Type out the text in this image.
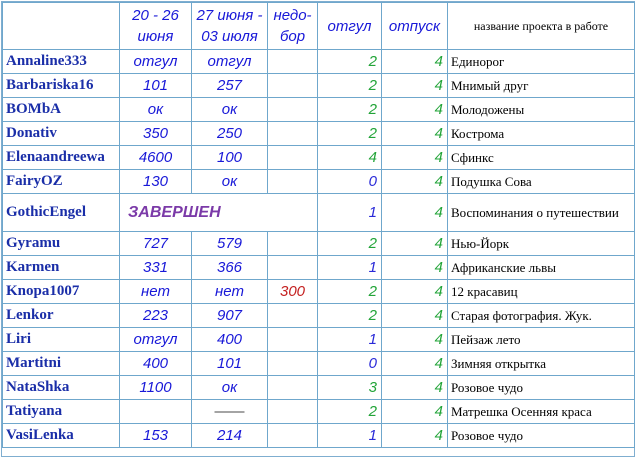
	20 - 26 июня	27 июня - 03 июля	недо- бор	отгул	отпуск	название проекта в работе
Annaline333	отгул	отгул		2	4	Единорог
Barbariska16	101	257		2	4	Мнимый друг
BOMbA	ок	ок		2	4	Молодожены
Donativ	350	250		2	4	Кострома
Elenaandreewa	4600	100		4	4	Сфинкс
FairyOZ	130	ок		0	4	Подушка Сова
GothicEngel	ЗАВЕРШЕН			1	4	Воспоминания о путешествии
Gyramu	727	579		2	4	Нью-Йорк
Karmen	331	366		1	4	Африканские львы
Knopa1007	нет	нет	300	2	4	12 красавиц
Lenkor	223	907		2	4	Старая фотография. Жук.
Liri	отгул	400		1	4	Пейзаж лето
Martitni	400	101		0	4	Зимняя открытка
NataShka	1100	ок		3	4	Розовое чудо
Tatiyana		——		2	4	Матрешка Осенняя краса
VasiLenka	153	214		1	4	Розовое чудо
